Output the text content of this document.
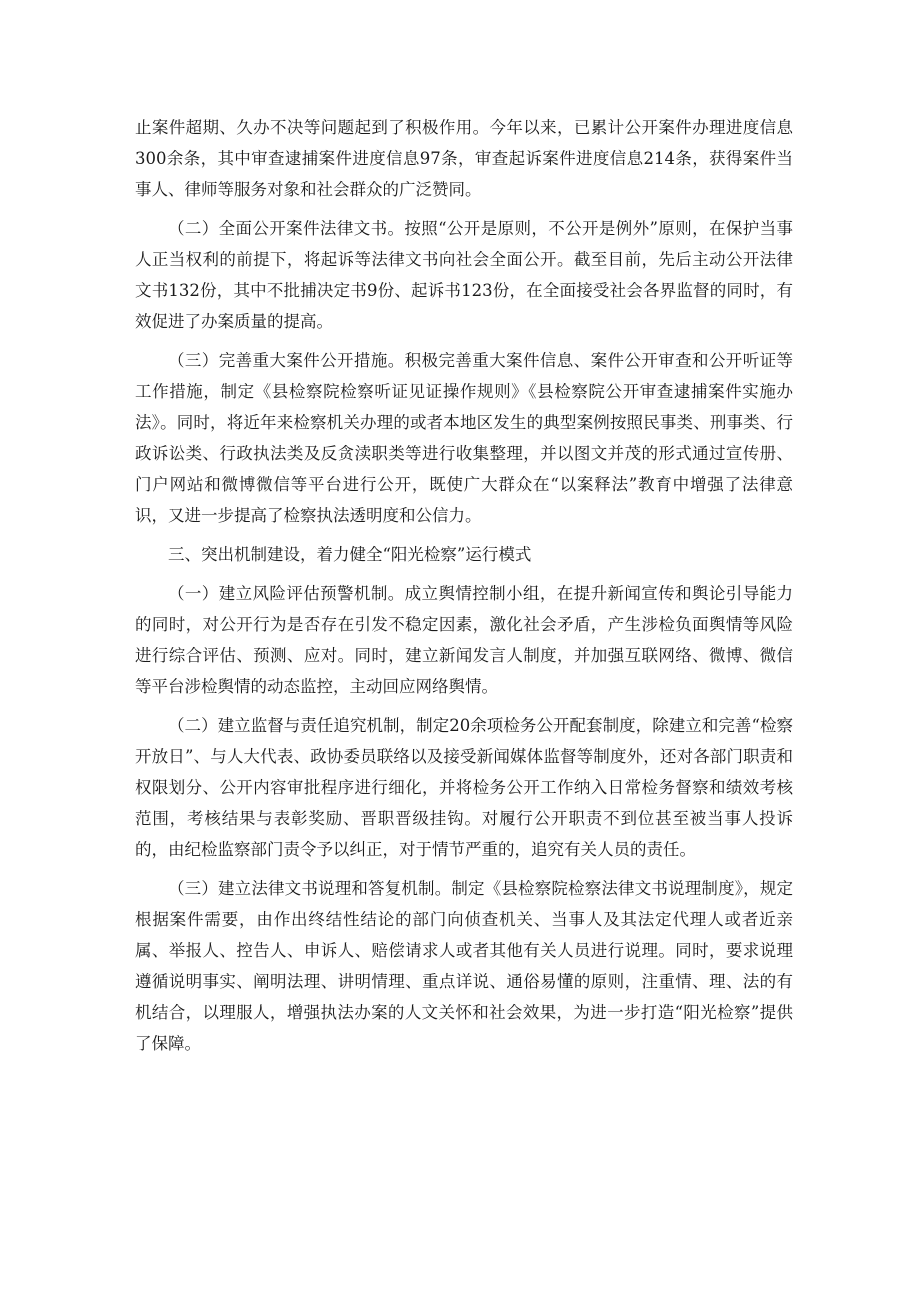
止案件超期、久办不决等问题起到了积极作用。今年以来，已累计公开案件办理进度信息300余条，其中审查逮捕案件进度信息97条，审查起诉案件进度信息214条，获得案件当事人、律师等服务对象和社会群众的广泛赞同。

（二）全面公开案件法律文书。按照“公开是原则，不公开是例外”原则，在保护当事人正当权利的前提下，将起诉等法律文书向社会全面公开。截至目前，先后主动公开法律文书132份，其中不批捕决定书9份、起诉书123份，在全面接受社会各界监督的同时，有效促进了办案质量的提高。

（三）完善重大案件公开措施。积极完善重大案件信息、案件公开审查和公开听证等工作措施，制定《县检察院检察听证见证操作规则》《县检察院公开审查逮捕案件实施办法》。同时，将近年来检察机关办理的或者本地区发生的典型案例按照民事类、刑事类、行政诉讼类、行政执法类及反贪渎职类等进行收集整理，并以图文并茂的形式通过宣传册、门户网站和微博微信等平台进行公开，既使广大群众在“以案释法”教育中增强了法律意识，又进一步提高了检察执法透明度和公信力。

三、突出机制建设，着力健全“阳光检察”运行模式

（一）建立风险评估预警机制。成立舆情控制小组，在提升新闻宣传和舆论引导能力的同时，对公开行为是否存在引发不稳定因素，激化社会矛盾，产生涉检负面舆情等风险进行综合评估、预测、应对。同时，建立新闻发言人制度，并加强互联网络、微博、微信等平台涉检舆情的动态监控，主动回应网络舆情。

（二）建立监督与责任追究机制，制定20余项检务公开配套制度，除建立和完善“检察开放日”、与人大代表、政协委员联络以及接受新闻媒体监督等制度外，还对各部门职责和权限划分、公开内容审批程序进行细化，并将检务公开工作纳入日常检务督察和绩效考核范围，考核结果与表彰奖励、晋职晋级挂钩。对履行公开职责不到位甚至被当事人投诉的，由纪检监察部门责令予以纠正，对于情节严重的，追究有关人员的责任。

（三）建立法律文书说理和答复机制。制定《县检察院检察法律文书说理制度》，规定根据案件需要，由作出终结性结论的部门向侦查机关、当事人及其法定代理人或者近亲属、举报人、控告人、申诉人、赔偿请求人或者其他有关人员进行说理。同时，要求说理遵循说明事实、阐明法理、讲明情理、重点详说、通俗易懂的原则，注重情、理、法的有机结合，以理服人，增强执法办案的人文关怀和社会效果，为进一步打造“阳光检察”提供了保障。
